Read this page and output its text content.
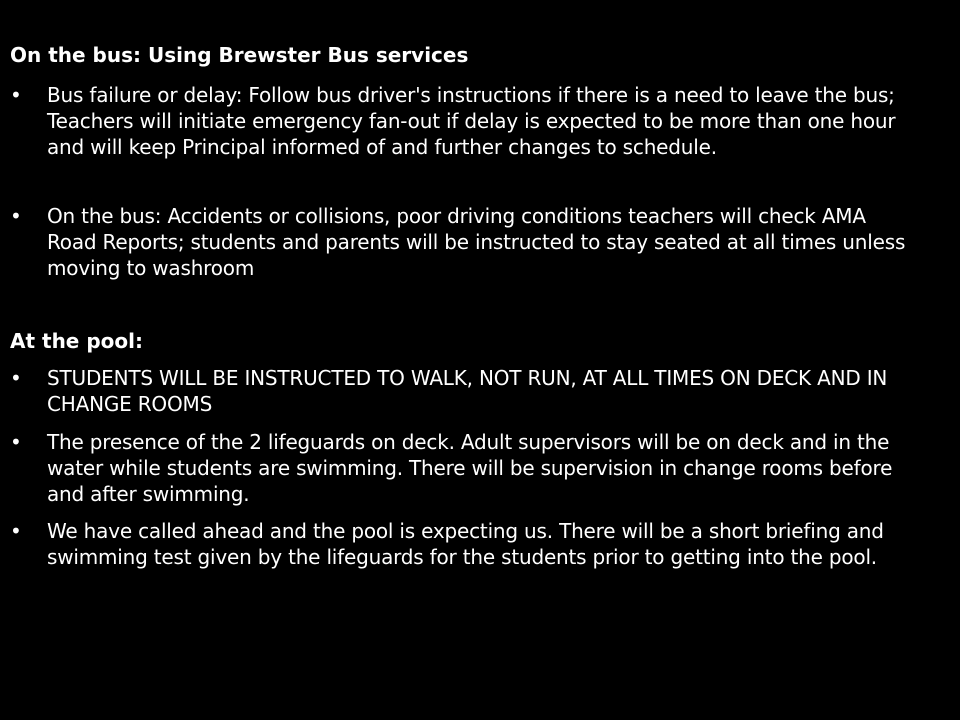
On the bus: Using Brewster Bus services
• Bus failure or delay: Follow bus driver's instructions if there is a need to leave the bus; Teachers will initiate emergency fan-out if delay is expected to be more than one hour and will keep Principal informed of and further changes to schedule.
• On the bus: Accidents or collisions, poor driving conditions teachers will check AMA Road Reports; students and parents will be instructed to stay seated at all times unless moving to washroom
At the pool:
• STUDENTS WILL BE INSTRUCTED TO WALK, NOT RUN, AT ALL TIMES ON DECK AND IN CHANGE ROOMS
• The presence of the 2 lifeguards on deck. Adult supervisors will be on deck and in the water while students are swimming. There will be supervision in change rooms before and after swimming.
• We have called ahead and the pool is expecting us. There will be a short briefing and swimming test given by the lifeguards for the students prior to getting into the pool.
